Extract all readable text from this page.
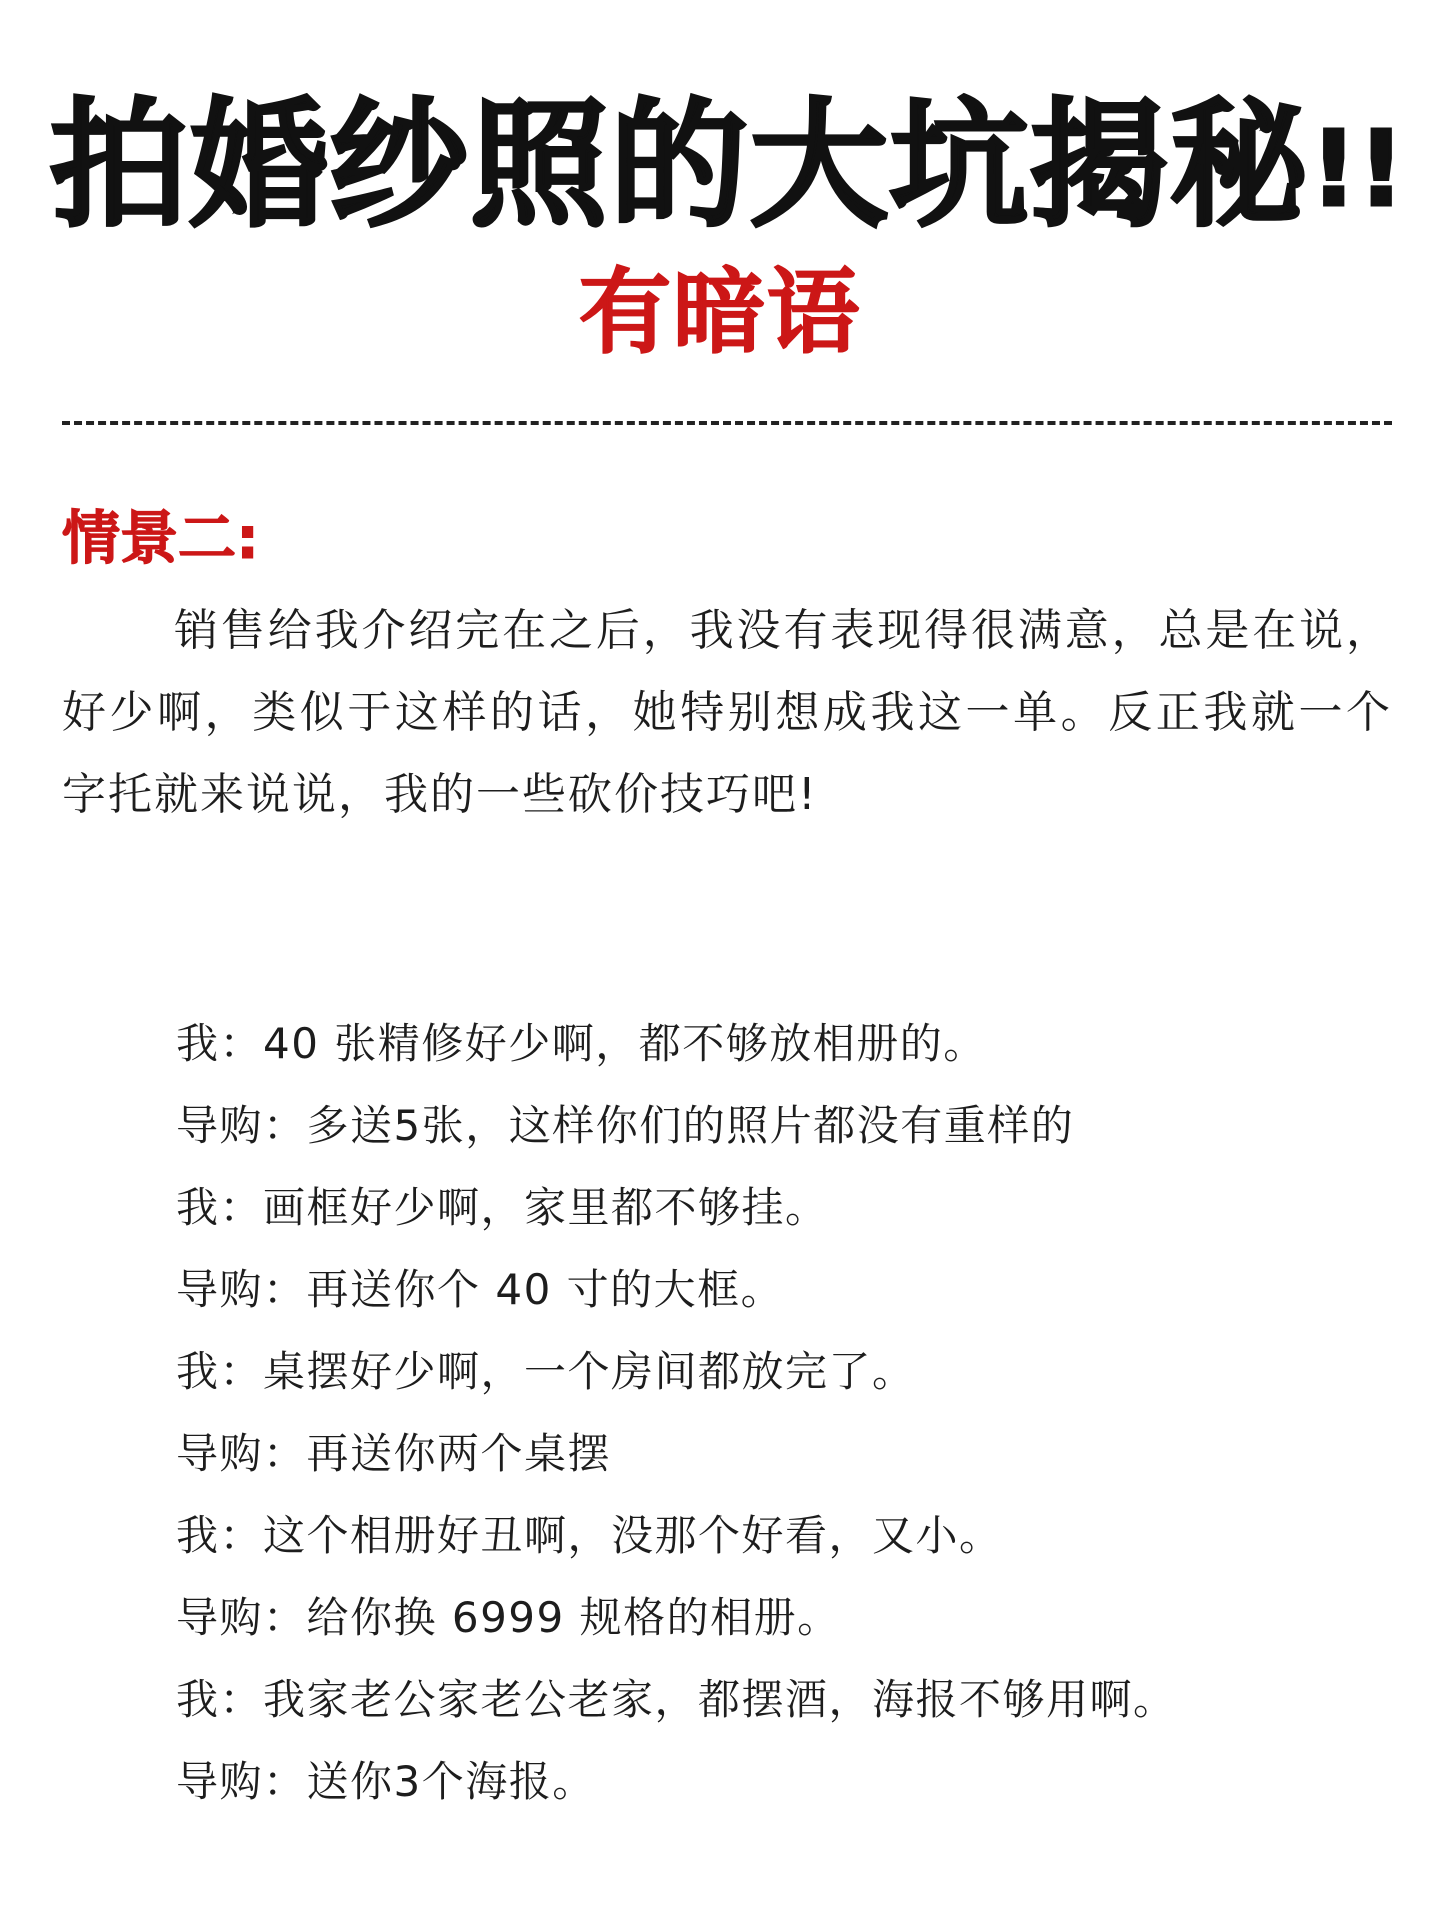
拍婚纱照的大坑揭秘!!
有暗语
情景二:

销售给我介绍完在之后，我没有表现得很满意，总是在说，好少啊，类似于这样的话，她特别想成我这一单。反正我就一个字托就来说说，我的一些砍价技巧吧!

我：40 张精修好少啊，都不够放相册的。
导购：多送5张，这样你们的照片都没有重样的
我：画框好少啊，家里都不够挂。
导购：再送你个 40 寸的大框。
我：桌摆好少啊，一个房间都放完了。
导购：再送你两个桌摆
我：这个相册好丑啊，没那个好看，又小。
导购：给你换 6999 规格的相册。
我：我家老公家老公老家，都摆酒，海报不够用啊。
导购：送你3个海报。
